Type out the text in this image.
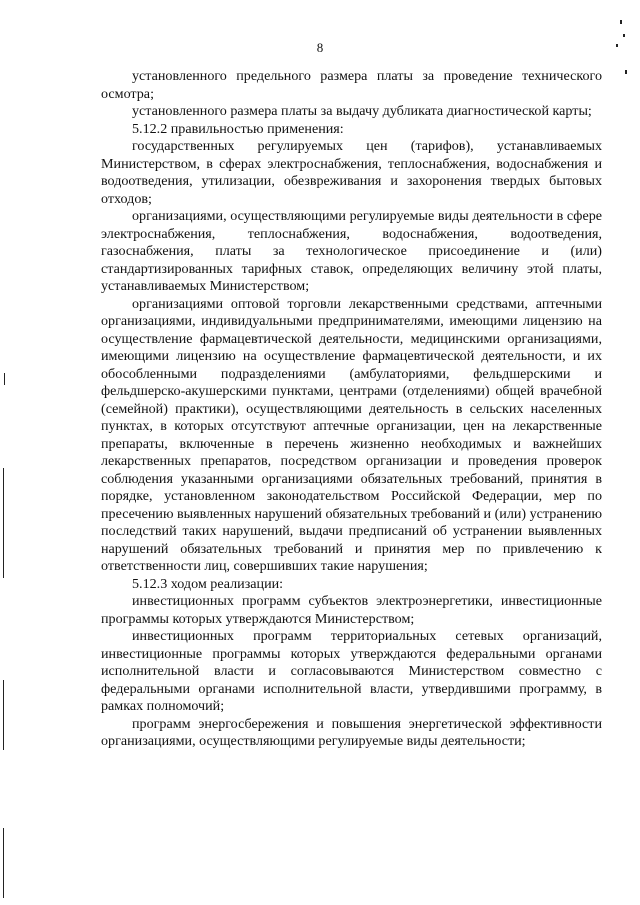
8

установленного предельного размера платы за проведение технического осмотра;

установленного размера платы за выдачу дубликата диагностической карты;

5.12.2 правильностью применения:

государственных регулируемых цен (тарифов), устанавливаемых Министерством, в сферах электроснабжения, теплоснабжения, водоснабжения и водоотведения, утилизации, обезвреживания и захоронения твердых бытовых отходов;

организациями, осуществляющими регулируемые виды деятельности в сфере электроснабжения, теплоснабжения, водоснабжения, водоотведения, газоснабжения, платы за технологическое присоединение и (или) стандартизированных тарифных ставок, определяющих величину этой платы, устанавливаемых Министерством;

организациями оптовой торговли лекарственными средствами, аптечными организациями, индивидуальными предпринимателями, имеющими лицензию на осуществление фармацевтической деятельности, медицинскими организациями, имеющими лицензию на осуществление фармацевтической деятельности, и их обособленными подразделениями (амбулаториями, фельдшерскими и фельдшерско-акушерскими пунктами, центрами (отделениями) общей врачебной (семейной) практики), осуществляющими деятельность в сельских населенных пунктах, в которых отсутствуют аптечные организации, цен на лекарственные препараты, включенные в перечень жизненно необходимых и важнейших лекарственных препаратов, посредством организации и проведения проверок соблюдения указанными организациями обязательных требований, принятия в порядке, установленном законодательством Российской Федерации, мер по пресечению выявленных нарушений обязательных требований и (или) устранению последствий таких нарушений, выдачи предписаний об устранении выявленных нарушений обязательных требований и принятия мер по привлечению к ответственности лиц, совершивших такие нарушения;

5.12.3 ходом реализации:

инвестиционных программ субъектов электроэнергетики, инвестиционные программы которых утверждаются Министерством;

инвестиционных программ территориальных сетевых организаций, инвестиционные программы которых утверждаются федеральными органами исполнительной власти и согласовываются Министерством совместно с федеральными органами исполнительной власти, утвердившими программу, в рамках полномочий;

программ энергосбережения и повышения энергетической эффективности организациями, осуществляющими регулируемые виды деятельности;
